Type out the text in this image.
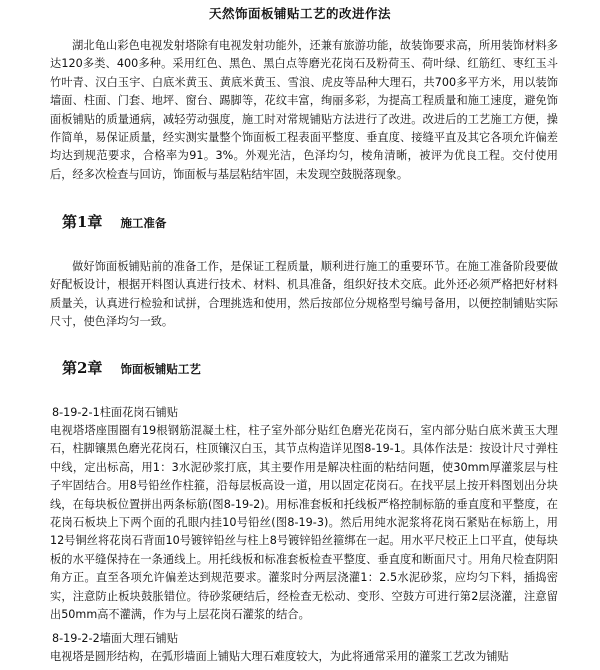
天然饰面板铺贴工艺的改进作法

湖北龟山彩色电视发射塔除有电视发射功能外，还兼有旅游功能，故装饰要求高，所用装饰材料多达120多类、400多种。采用红色、黑色、黑白点等磨光花岗石及粉荷玉、荷叶绿、红筋红、枣红玉斗竹叶青、汉白玉宇、白底米黄玉、黄底米黄玉、雪浪、虎皮等品种大理石，共700多平方米，用以装饰墙面、柱面、门套、地坪、窗台、踢脚等，花纹丰富，绚丽多彩，为提高工程质量和施工速度，避免饰面板铺贴的质量通病，减轻劳动强度，施工时对常规铺贴方法进行了改进。改进后的工艺施工方便，操作简单，易保证质量，经实测实量整个饰面板工程表面平整度、垂直度、接缝平直及其它各项允许偏差均达到规范要求，合格率为91。3%。外观光洁，色泽均匀，棱角清晰，被评为优良工程。交付使用后，经多次检查与回访，饰面板与基层粘结牢固，未发现空鼓脱落现象。

第1章 施工准备

做好饰面板铺贴前的准备工作，是保证工程质量，顺利进行施工的重要环节。在施工准备阶段要做好配板设计，根据开料图认真进行技术、材料、机具准备，组织好技术交底。此外还必须严格把好材料质量关，认真进行检验和试拼，合理挑选和使用，然后按部位分规格型号编号备用，以便控制铺贴实际尺寸，使色泽均匀一致。

第2章 饰面板铺贴工艺
8-19-2-1柱面花岗石铺贴

电视塔塔座围圈有19根钢筋混凝土柱，柱子室外部分贴红色磨光花岗石，室内部分贴白底米黄玉大理石，柱脚镶黑色磨光花岗石，柱顶镶汉白玉，其节点构造详见图8-19-1。具体作法是：按设计尺寸弹柱中线，定出标高，用1：3水泥砂浆打底，其主要作用是解决柱面的粘结问题，使30mm厚灌浆层与柱子牢固结合。用8号铅丝作柱箍，沿每层板高设一道，用以固定花岗石。在找平层上按开料图划出分块线，在每块板位置拼出两条标筋(图8-19-2)。用标准套板和托线板严格控制标筋的垂直度和平整度，在花岗石板块上下两个面的孔眼内挂10号铅丝(图8-19-3)。然后用纯水泥浆将花岗石紧贴在标筋上，用12号铜丝将花岗石背面10号镀锌铅丝与柱上8号镀锌铅丝箍绑在一起。用水平尺校正上口平直，使每块板的水平缝保持在一条通线上。用托线板和标准套板检查平整度、垂直度和断面尺寸。用角尺检查阴阳角方正。直至各项允许偏差达到规范要求。灌浆时分两层浇灌1：2.5水泥砂浆，应均匀下料，插捣密实，注意防止板块鼓胀错位。待砂浆硬结后，经检查无松动、变形、空鼓方可进行第2层浇灌，注意留出50mm高不灌满，作为与上层花岗石灌浆的结合。

8-19-2-2墙面大理石铺贴

电视塔是圆形结构，在弧形墙面上铺贴大理石难度较大，为此将通常采用的灌浆工艺改为铺贴
